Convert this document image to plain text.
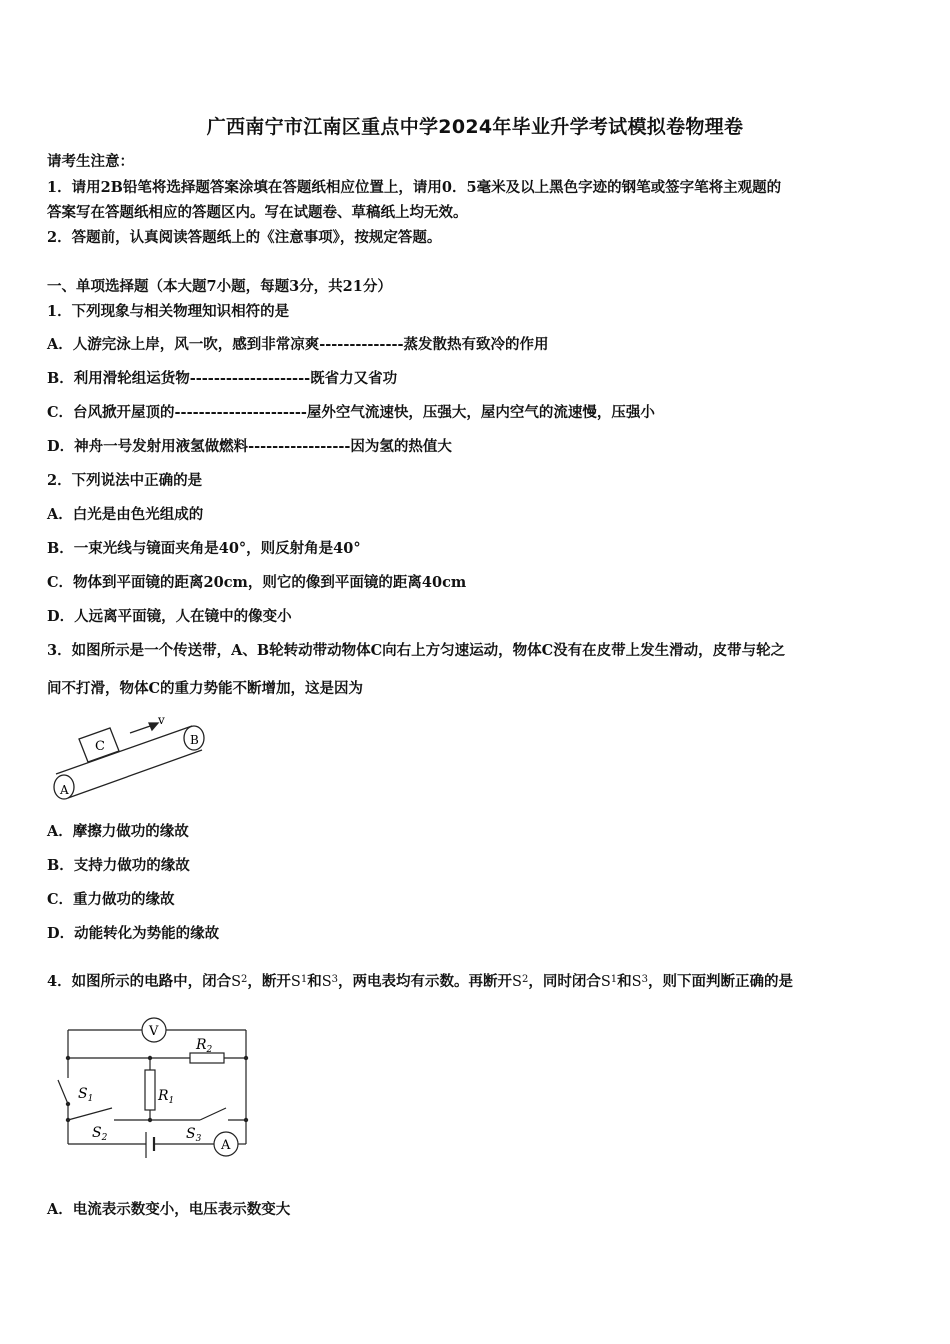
广西南宁市江南区重点中学2024年毕业升学考试模拟卷物理卷
请考生注意：
1．请用2B铅笔将选择题答案涂填在答题纸相应位置上，请用0．5毫米及以上黑色字迹的钢笔或签字笔将主观题的
答案写在答题纸相应的答题区内。写在试题卷、草稿纸上均无效。
2．答题前，认真阅读答题纸上的《注意事项》，按规定答题。
一、单项选择题（本大题7小题，每题3分，共21分）
1．下列现象与相关物理知识相符的是
A．人游完泳上岸，风一吹，感到非常凉爽--------------蒸发散热有致冷的作用
B．利用滑轮组运货物--------------------既省力又省功
C．台风掀开屋顶的----------------------屋外空气流速快，压强大，屋内空气的流速慢，压强小
D．神舟一号发射用液氢做燃料-----------------因为氢的热值大
2．下列说法中正确的是
A．白光是由色光组成的
B．一束光线与镜面夹角是40°，则反射角是40°
C．物体到平面镜的距离20cm，则它的像到平面镜的距离40cm
D．人远离平面镜，人在镜中的像变小
3．如图所示是一个传送带，A、B轮转动带动物体C向右上方匀速运动，物体C没有在皮带上发生滑动，皮带与轮之
间不打滑，物体C的重力势能不断增加，这是因为
A
B
C
v
A．摩擦力做功的缘故
B．支持力做功的缘故
C．重力做功的缘故
D．动能转化为势能的缘故
4．如图所示的电路中，闭合$S^2$，断开$S^1$和$S^3$，两电表均有示数。再断开$S^2$，同时闭合$S^1$和$S^3$，则下面判断正确的是
V
A
$R_2$
$R_1$
$S_1$
$S_2$	$S_3$
A．电流表示数变小，电压表示数变大
